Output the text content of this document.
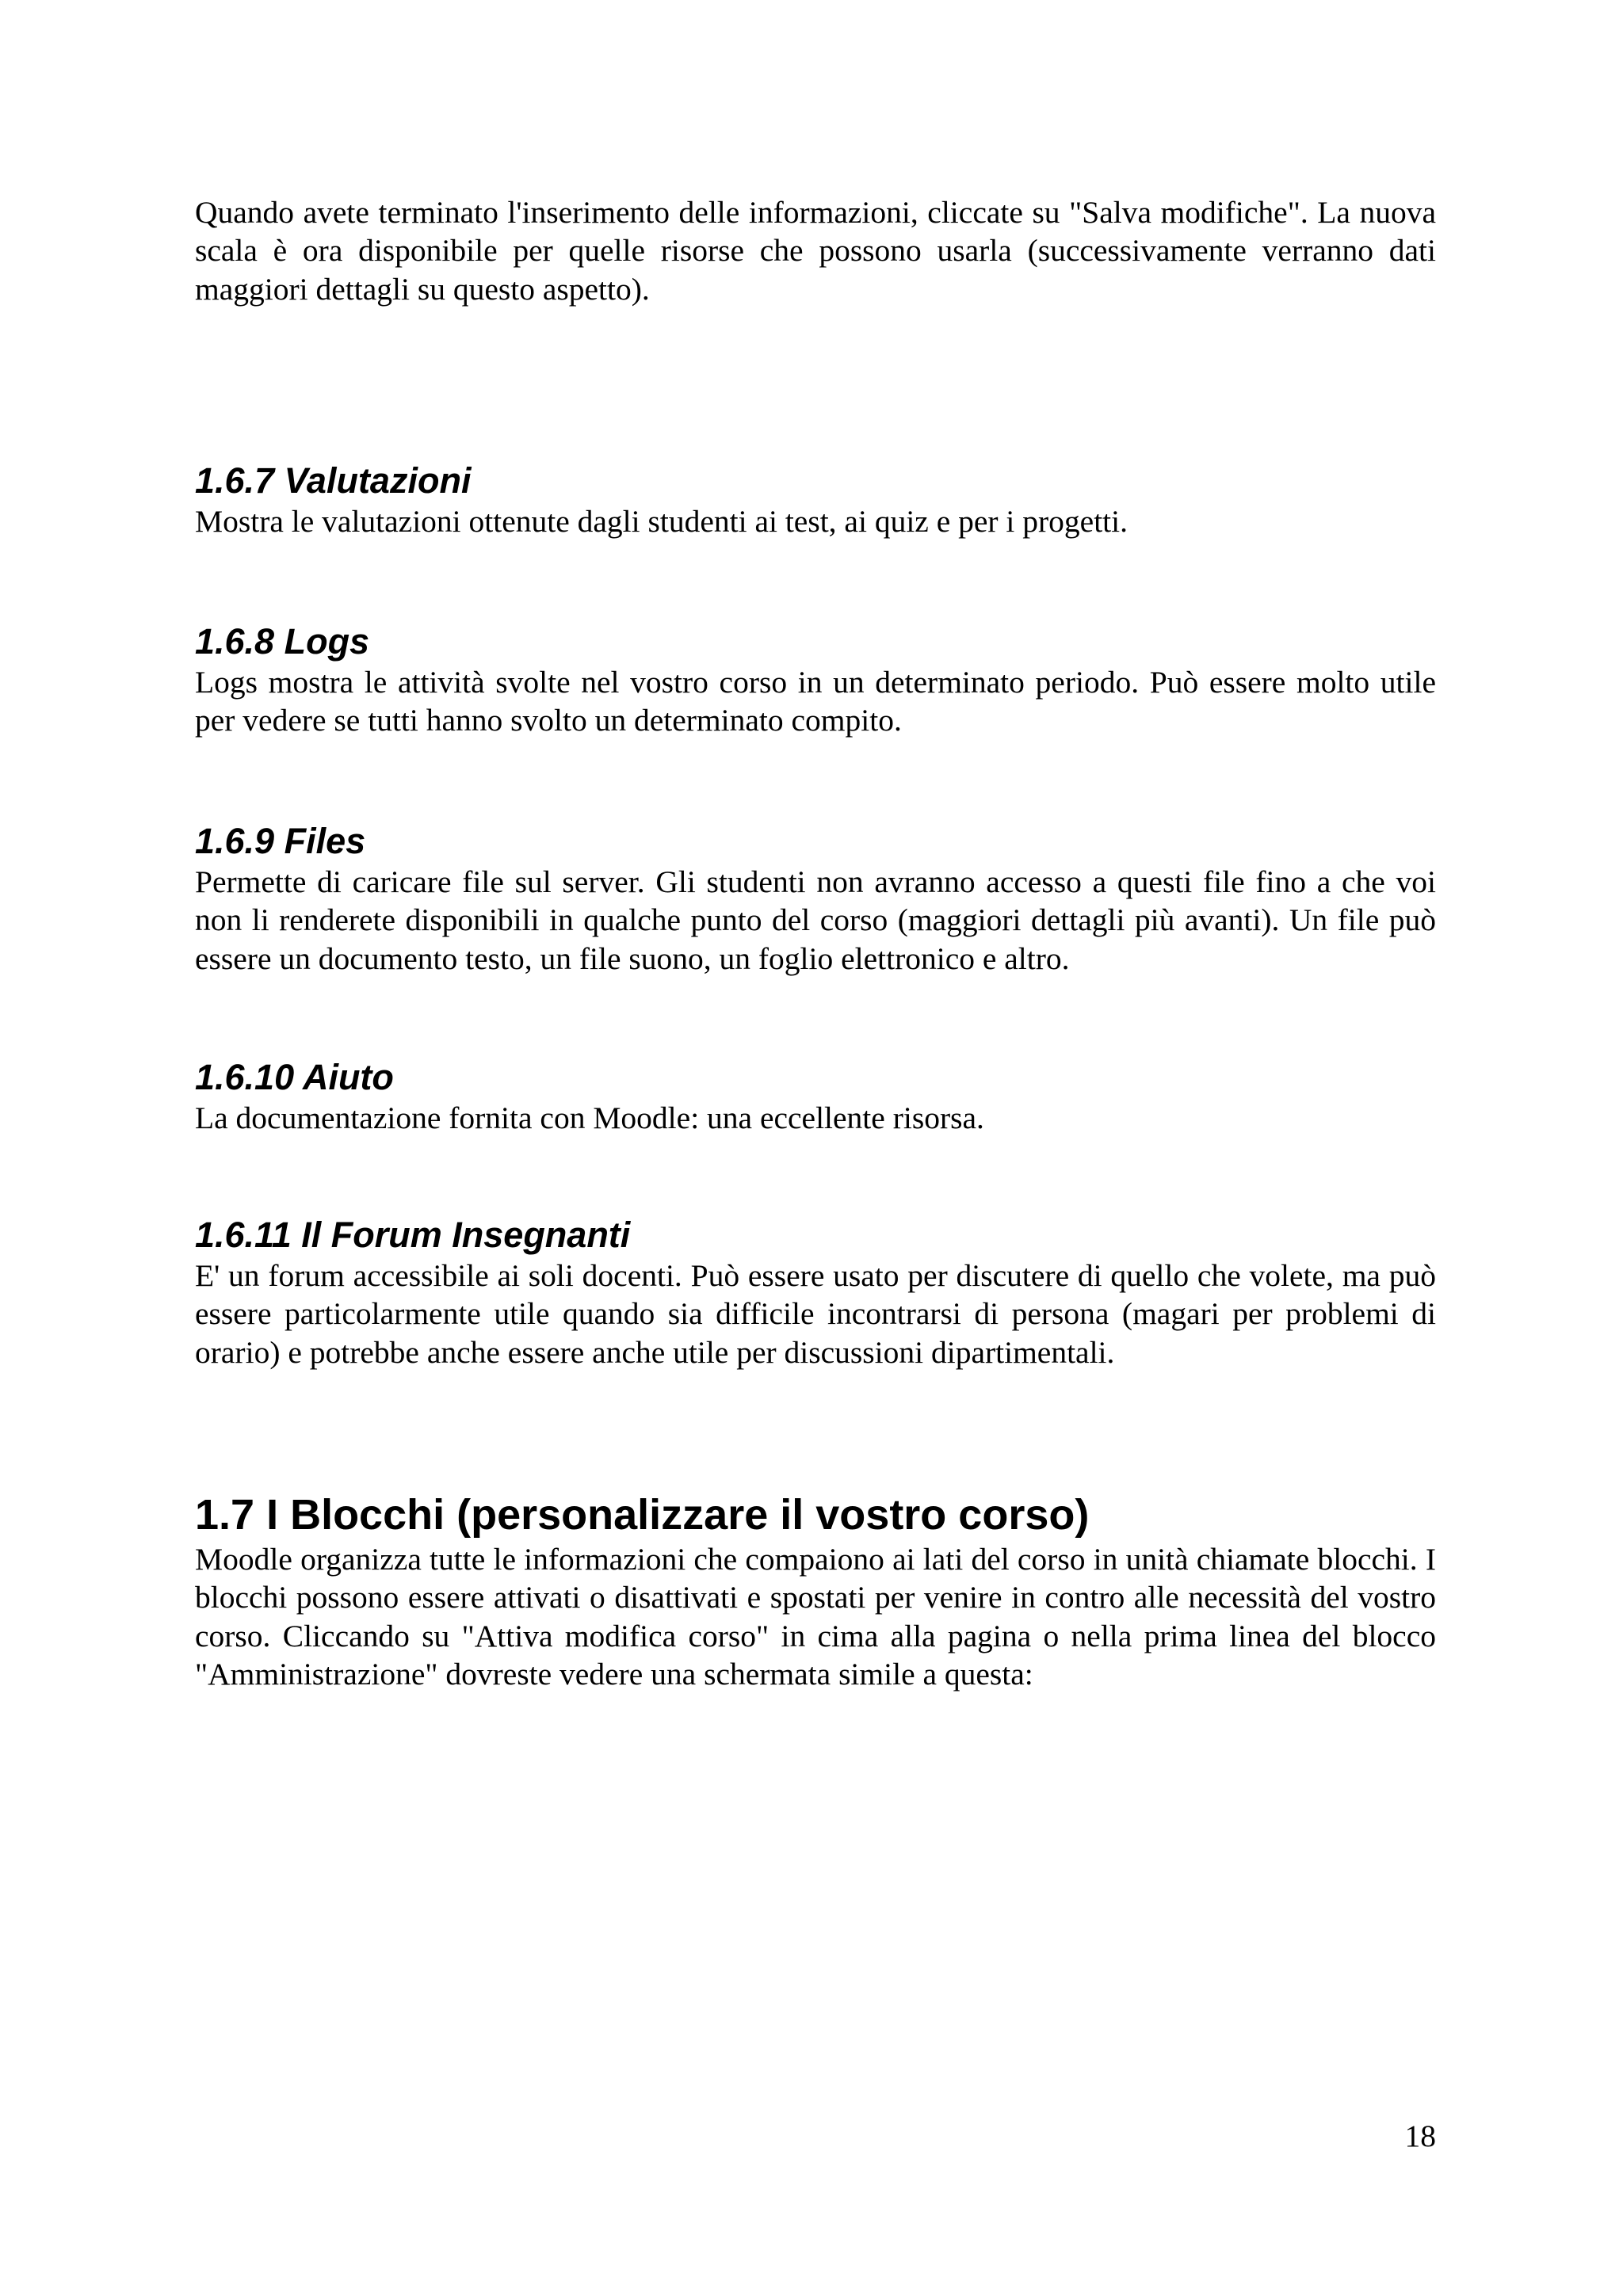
Quando avete terminato l'inserimento delle informazioni, cliccate su "Salva modifiche". La nuova scala è ora disponibile per quelle risorse che possono usarla (successivamente verranno dati maggiori dettagli su questo aspetto).

1.6.7 Valutazioni

Mostra le valutazioni ottenute dagli studenti ai test, ai quiz e per i progetti.

1.6.8 Logs

Logs mostra le attività svolte nel vostro corso in un determinato periodo. Può essere molto utile per vedere se tutti hanno svolto un determinato compito.

1.6.9 Files

Permette di caricare file sul server. Gli studenti non avranno accesso a questi file fino a che voi non li renderete disponibili in qualche punto del corso (maggiori dettagli più avanti). Un file può essere un documento testo, un file suono, un foglio elettronico e altro.

1.6.10 Aiuto

La documentazione fornita con Moodle: una eccellente risorsa.

1.6.11 Il Forum Insegnanti

E' un forum accessibile ai soli docenti. Può essere usato per discutere di quello che volete, ma può essere particolarmente utile quando sia difficile incontrarsi di persona (magari per problemi di orario) e potrebbe anche essere anche utile per discussioni dipartimentali.

1.7 I Blocchi (personalizzare il vostro corso)

Moodle organizza tutte le informazioni che compaiono ai lati del corso in unità chiamate blocchi. I blocchi possono essere attivati o disattivati e spostati per venire in contro alle necessità del vostro corso. Cliccando su "Attiva modifica corso" in cima alla pagina o nella prima linea del blocco "Amministrazione" dovreste vedere una schermata simile a questa:

18
